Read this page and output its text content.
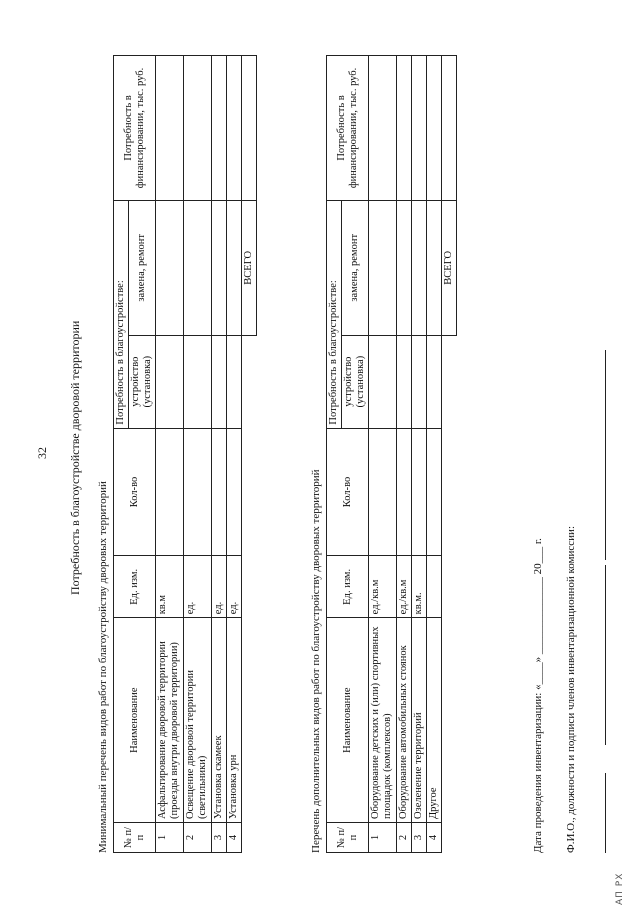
32 Потребность в благоустройстве дворовой территории
Минимальный перечень видов работ по благоустройству дворовых территорий № п/п	Наименование	Ед. изм.	Кол-во	Потребность в благоустройстве:		Потребность в финансировании, тыс. руб.
				устройство (установка)	замена, ремонт	
1	Асфальтирование дворовой территории (проезды внутри дворовой территории)	кв.м				
2	Освещение дворовой территории (светильники)	ед.				
3	Установка скамеек	ед.				
4	Установка урн	ед.				
					ВСЕГО	
Перечень дополнительных видов работ по благоустройству дворовых территорий № п/п	Наименование	Ед. изм.	Кол-во	Потребность в благоустройстве:		Потребность в финансировании, тыс. руб.
				устройство (установка)	замена, ремонт	
1	Оборудование детских и (или) спортивных площадок (комплексов)	ед./кв.м				
2	Оборудование автомобильных стоянок	ед./кв.м				
3	Озеленение территорий	кв.м.				
4	Другое					
					ВСЕГО	
Дата проведения инвентаризации: «____» ______________ 20___ г. Ф.И.О., должности и подписи членов инвентаризационной комиссии:
АП РХ
